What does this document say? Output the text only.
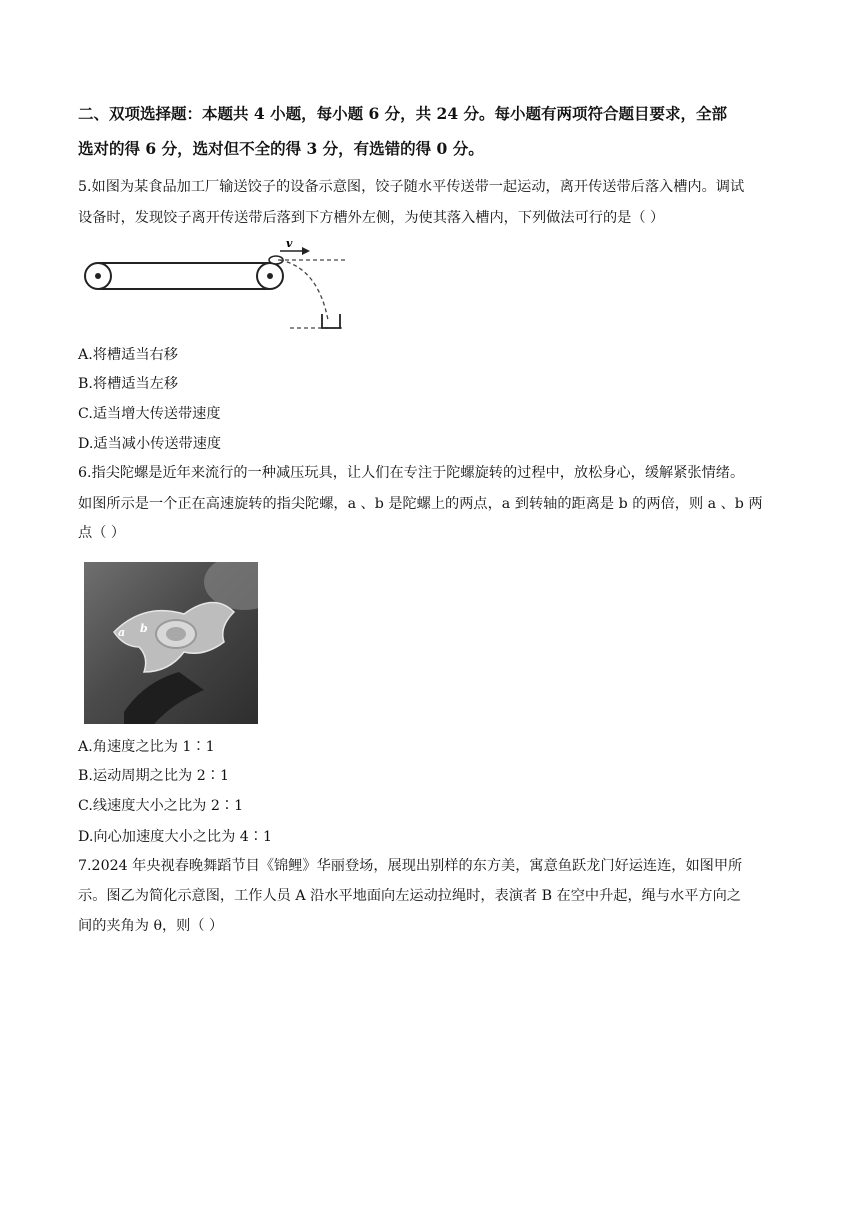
二、双项选择题：本题共 4 小题，每小题 6 分，共 24 分。每小题有两项符合题目要求，全部
选对的得 6 分，选对但不全的得 3 分，有选错的得 0 分。
5.如图为某食品加工厂输送饺子的设备示意图，饺子随水平传送带一起运动，离开传送带后落入槽内。调试
设备时，发现饺子离开传送带后落到下方槽外左侧，为使其落入槽内，下列做法可行的是（ ）
v
A.将槽适当右移
B.将槽适当左移
C.适当增大传送带速度
D.适当减小传送带速度
6.指尖陀螺是近年来流行的一种减压玩具，让人们在专注于陀螺旋转的过程中，放松身心，缓解紧张情绪。
如图所示是一个正在高速旋转的指尖陀螺，a 、b 是陀螺上的两点，a 到转轴的距离是 b 的两倍，则 a 、b 两
点（ ）
a b
A.角速度之比为 1∶1
B.运动周期之比为 2∶1
C.线速度大小之比为 2∶1
D.向心加速度大小之比为 4∶1
7.2024 年央视春晚舞蹈节目《锦鲤》华丽登场，展现出别样的东方美，寓意鱼跃龙门好运连连，如图甲所
示。图乙为简化示意图，工作人员 A 沿水平地面向左运动拉绳时，表演者 B 在空中升起，绳与水平方向之
间的夹角为 θ，则（ ）
